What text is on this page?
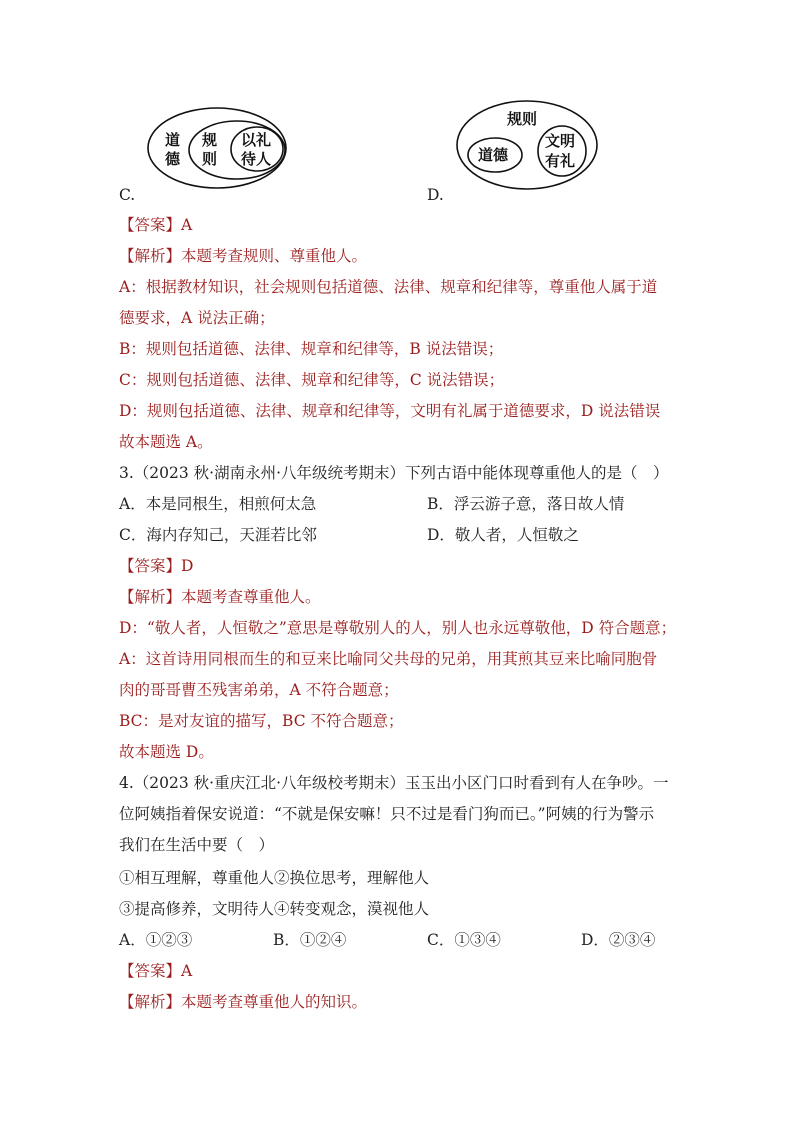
道
德
规
则
以礼
待人
C.
规则
道德
文明
有礼
D.
【答案】A
【解析】本题考查规则、尊重他人。
A：根据教材知识，社会规则包括道德、法律、规章和纪律等，尊重他人属于道
德要求，A 说法正确；
B：规则包括道德、法律、规章和纪律等，B 说法错误；
C：规则包括道德、法律、规章和纪律等，C 说法错误；
D：规则包括道德、法律、规章和纪律等，文明有礼属于道德要求，D 说法错误
故本题选 A。
3.（2023 秋·湖南永州·八年级统考期末）下列古语中能体现尊重他人的是（　）
A．本是同根生，相煎何太急	B．浮云游子意，落日故人情
C．海内存知己，天涯若比邻	D．敬人者，人恒敬之
【答案】D
【解析】本题考查尊重他人。
D：“敬人者，人恒敬之”意思是尊敬别人的人，别人也永远尊敬他，D 符合题意；
A：这首诗用同根而生的和豆来比喻同父共母的兄弟，用萁煎其豆来比喻同胞骨
肉的哥哥曹丕残害弟弟，A 不符合题意；
BC：是对友谊的描写，BC 不符合题意；
故本题选 D。
4.（2023 秋·重庆江北·八年级校考期末）玉玉出小区门口时看到有人在争吵。一
位阿姨指着保安说道：“不就是保安嘛！只不过是看门狗而已。”阿姨的行为警示
我们在生活中要（　）
①相互理解，尊重他人②换位思考，理解他人
③提高修养，文明待人④转变观念，漠视他人
A．①②③	B．①②④	C．①③④	D．②③④
【答案】A
【解析】本题考查尊重他人的知识。
